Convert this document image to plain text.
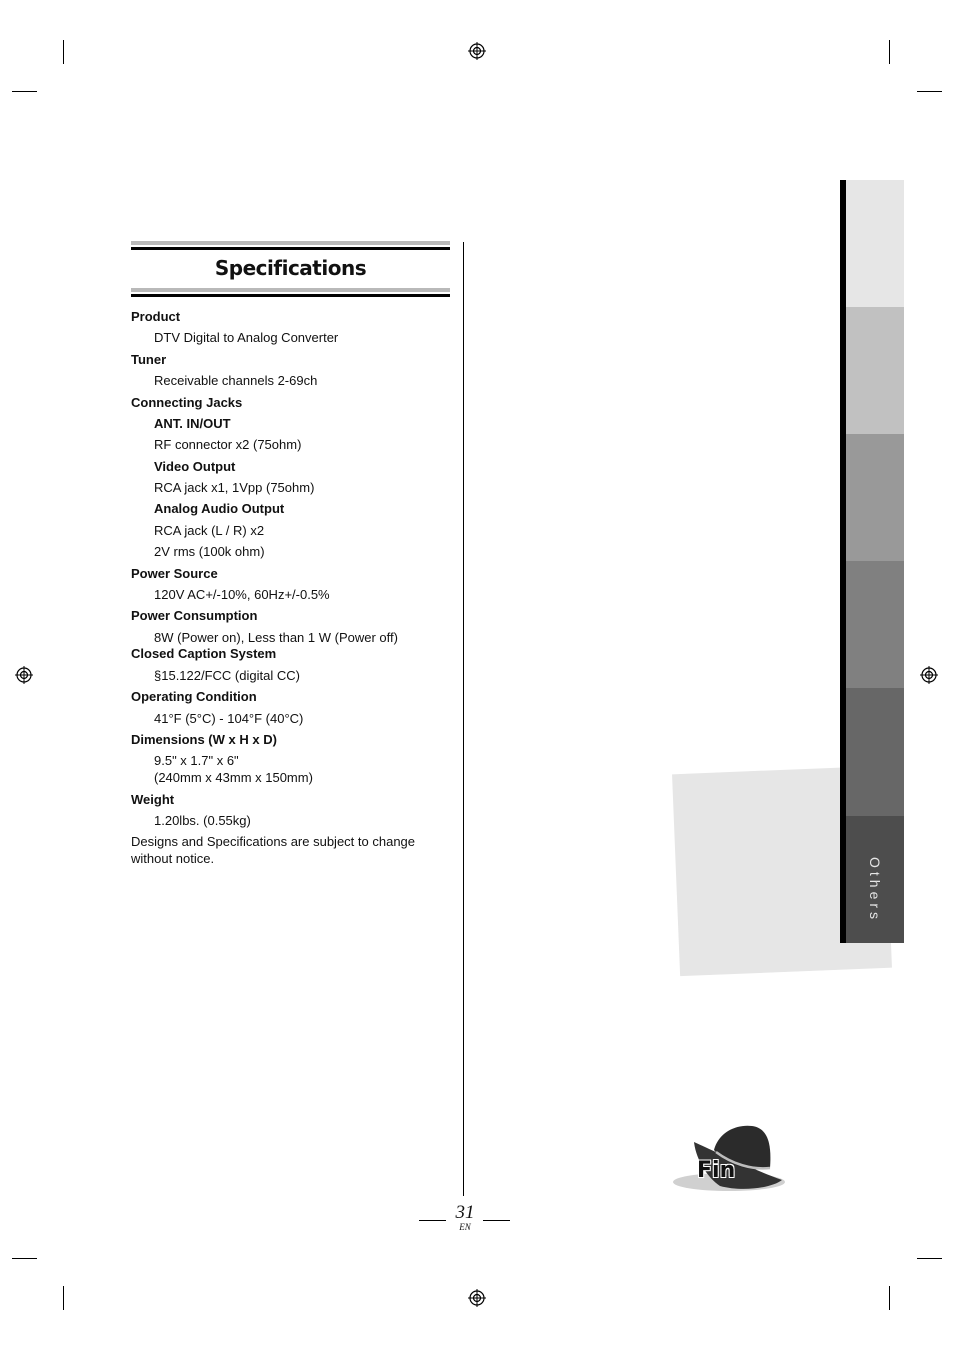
Specifications
Product
DTV Digital to Analog Converter
Tuner
Receivable channels 2-69ch
Connecting Jacks
ANT. IN/OUT
RF connector x2 (75ohm)
Video Output
RCA jack x1, 1Vpp (75ohm)
Analog Audio Output
RCA jack (L / R) x2
2V rms (100k ohm)
Power Source
120V AC+/-10%, 60Hz+/-0.5%
Power Consumption
8W (Power on), Less than 1 W (Power off)
Closed Caption System
§15.122/FCC (digital CC)
Operating Condition
41°F (5°C) - 104°F (40°C)
Dimensions (W x H x D)
9.5" x 1.7" x 6"
(240mm x 43mm x 150mm)
Weight
1.20lbs. (0.55kg)
Designs and Specifications are subject to change
without notice.	Others
Fin
31
EN
